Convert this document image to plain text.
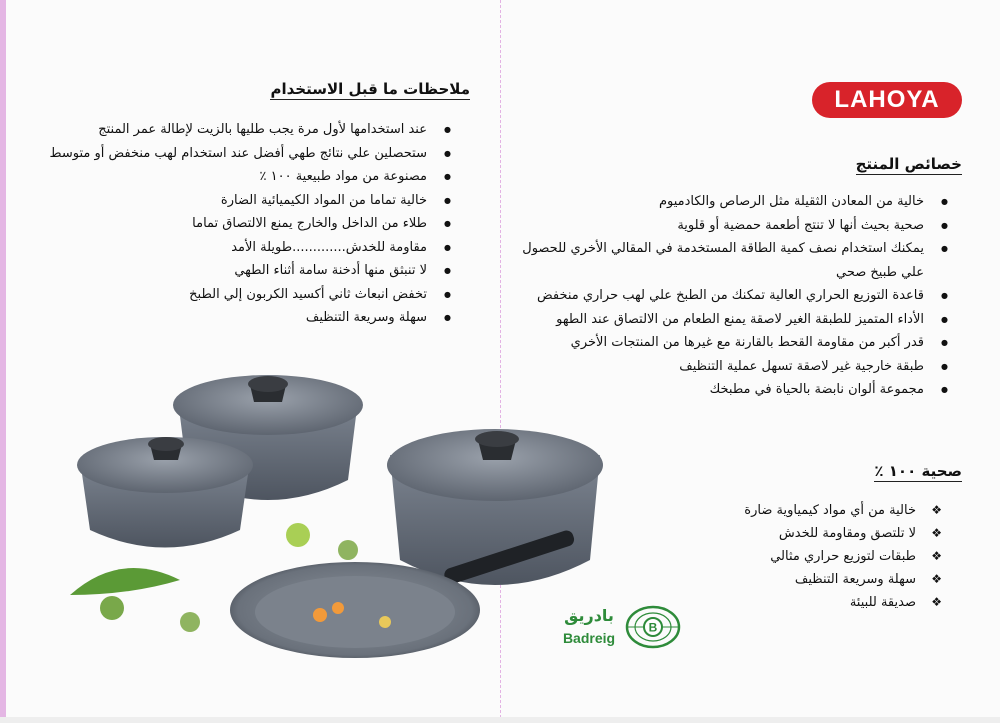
ملاحظات ما قبل الاستخدام
● عند استخدامها لأول مرة يجب طليها بالزيت لإطالة عمر المنتج
● ستحصلين علي نتائج طهي أفضل عند استخدام لهب منخفض أو متوسط
● مصنوعة من مواد طبيعية ١٠٠ ٪
● خالية تماما من المواد الكيميائية الضارة
● طلاء من الداخل والخارج يمنع الالتصاق تماما
● مقاومة للخدش.............طويلة الأمد
● لا تنبثق منها أدخنة سامة أثناء الطهي
● تخفض انبعاث ثاني أكسيد الكربون إلي الطبخ
● سهلة وسريعة التنظيف
LAHOYA
خصائص المنتج
● خالية من المعادن الثقيلة مثل الرصاص والكادميوم
● صحية بحيث أنها لا تنتج أطعمة حمضية أو قلوية
● يمكنك استخدام نصف كمية الطاقة المستخدمة في المقالي الأخري للحصول علي طبيخ صحي
● قاعدة التوزيع الحراري العالية تمكنك من الطبخ علي لهب حراري منخفض
● الأداء المتميز للطبقة الغير لاصقة يمنع الطعام من الالتصاق عند الطهو
● قدر أكبر من مقاومة القحط بالقارنة مع غيرها من المنتجات الأخري
● طبقة خارجية غير لاصقة تسهل عملية التنظيف
● مجموعة ألوان نابضة بالحياة في مطبخك
صحية ١٠٠ ٪
❖ خالية من أي مواد كيمياوية ضارة
❖ لا تلتصق ومقاومة للخدش
❖ طبقات لتوزيع حراري مثالي
❖ سهلة وسريعة التنظيف
❖ صديقة للبيئة
بادريق
Badreig
B
